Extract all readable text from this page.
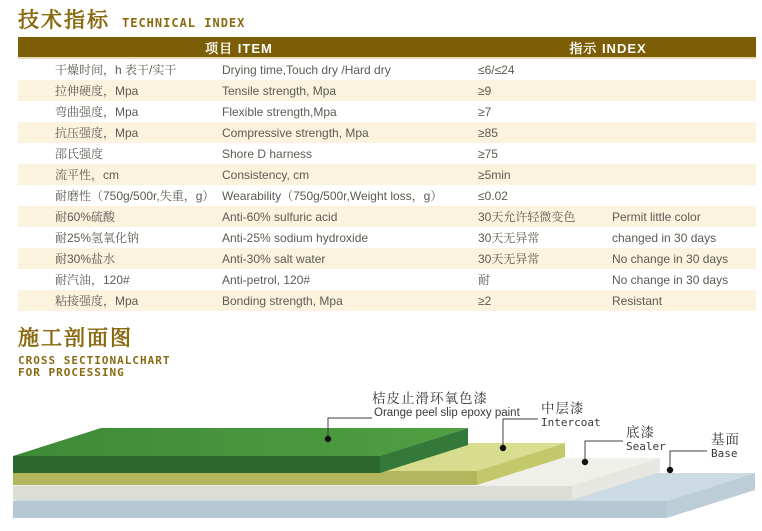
技术指标 TECHNICAL INDEX
项目 ITEM	指示 INDEX
干燥时间，h 表干/实干	Drying time,Touch dry /Hard dry	≤6/≤24
拉伸硬度，Mpa	Tensile strength, Mpa	≥9
弯曲强度，Mpa	Flexible strength,Mpa	≥7
抗压强度，Mpa	Compressive strength, Mpa	≥85
邵氏强度	Shore D harness	≥75
流平性，cm	Consistency, cm	≥5min
耐磨性（750g/500r,失重，g） Wearability（750g/500r,Weight loss，g）	≤0.02
耐60%硫酸	Anti-60% sulfuric acid	30天允许轻微变色	Permit little color
耐25%氢氧化钠	Anti-25% sodium hydroxide	30天无异常	changed in 30 days
耐30%盐水	Anti-30% salt water	30天无异常	No change in 30 days
耐汽油，120#	Anti-petrol, 120#	耐	No change in 30 days
粘接强度，Mpa	Bonding strength, Mpa	≥2	Resistant
施工剖面图
CROSS SECTIONALCHART
FOR PROCESSING
桔皮止滑环氧色漆
Orange peel slip epoxy paint 中层漆
Intercoat
底漆
Sealer	基面
Base
